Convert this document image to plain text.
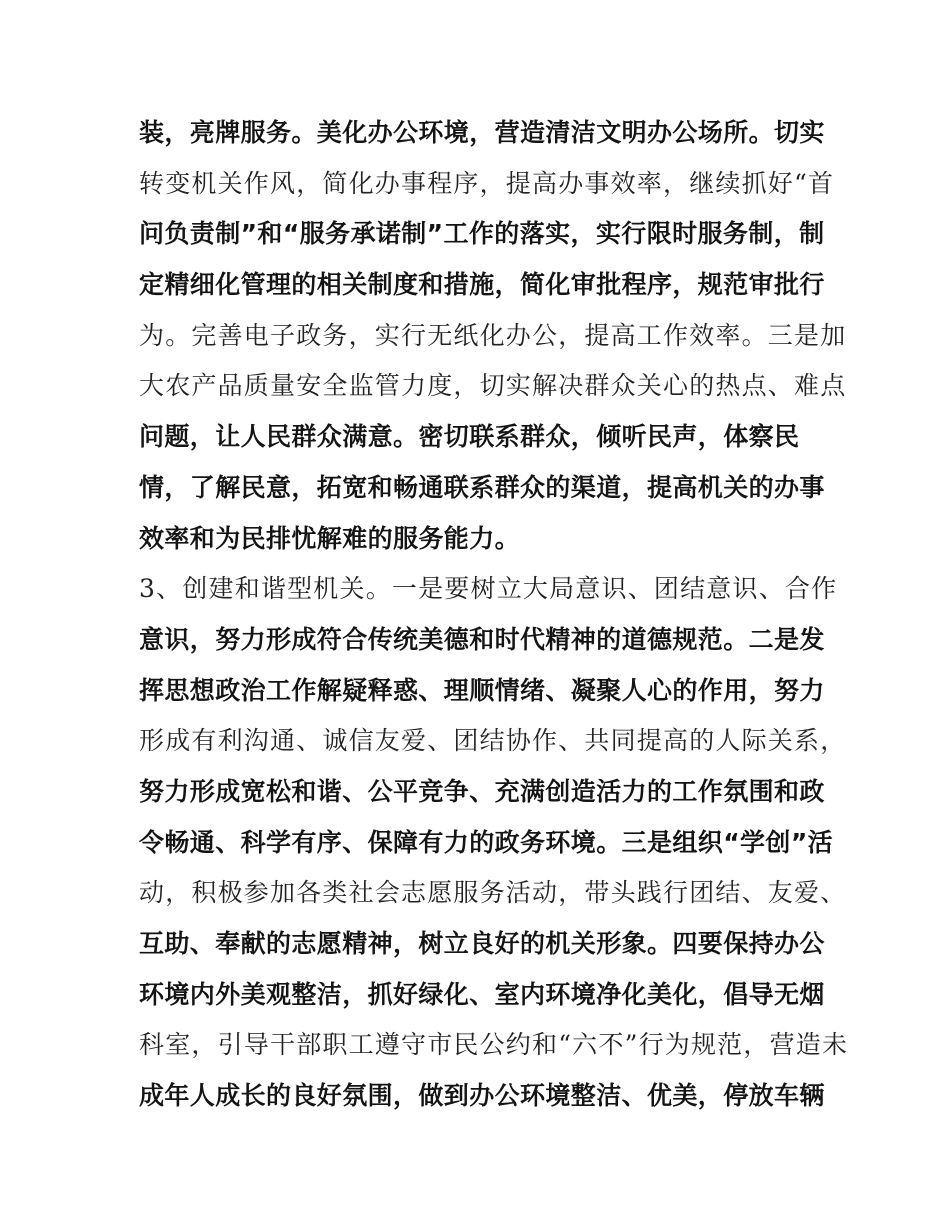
装，亮牌服务。美化办公环境，营造清洁文明办公场所。切实
转变机关作风，简化办事程序，提高办事效率，继续抓好“首
问负责制”和“服务承诺制”工作的落实，实行限时服务制，制
定精细化管理的相关制度和措施，简化审批程序，规范审批行
为。完善电子政务，实行无纸化办公，提高工作效率。三是加
大农产品质量安全监管力度，切实解决群众关心的热点、难点
问题，让人民群众满意。密切联系群众，倾听民声，体察民
情，了解民意，拓宽和畅通联系群众的渠道，提高机关的办事
效率和为民排忧解难的服务能力。
3、创建和谐型机关。一是要树立大局意识、团结意识、合作
意识，努力形成符合传统美德和时代精神的道德规范。二是发
挥思想政治工作解疑释惑、理顺情绪、凝聚人心的作用，努力
形成有利沟通、诚信友爱、团结协作、共同提高的人际关系，
努力形成宽松和谐、公平竞争、充满创造活力的工作氛围和政
令畅通、科学有序、保障有力的政务环境。三是组织“学创”活
动，积极参加各类社会志愿服务活动，带头践行团结、友爱、
互助、奉献的志愿精神，树立良好的机关形象。四要保持办公
环境内外美观整洁，抓好绿化、室内环境净化美化，倡导无烟
科室，引导干部职工遵守市民公约和“六不”行为规范，营造未
成年人成长的良好氛围，做到办公环境整洁、优美，停放车辆
